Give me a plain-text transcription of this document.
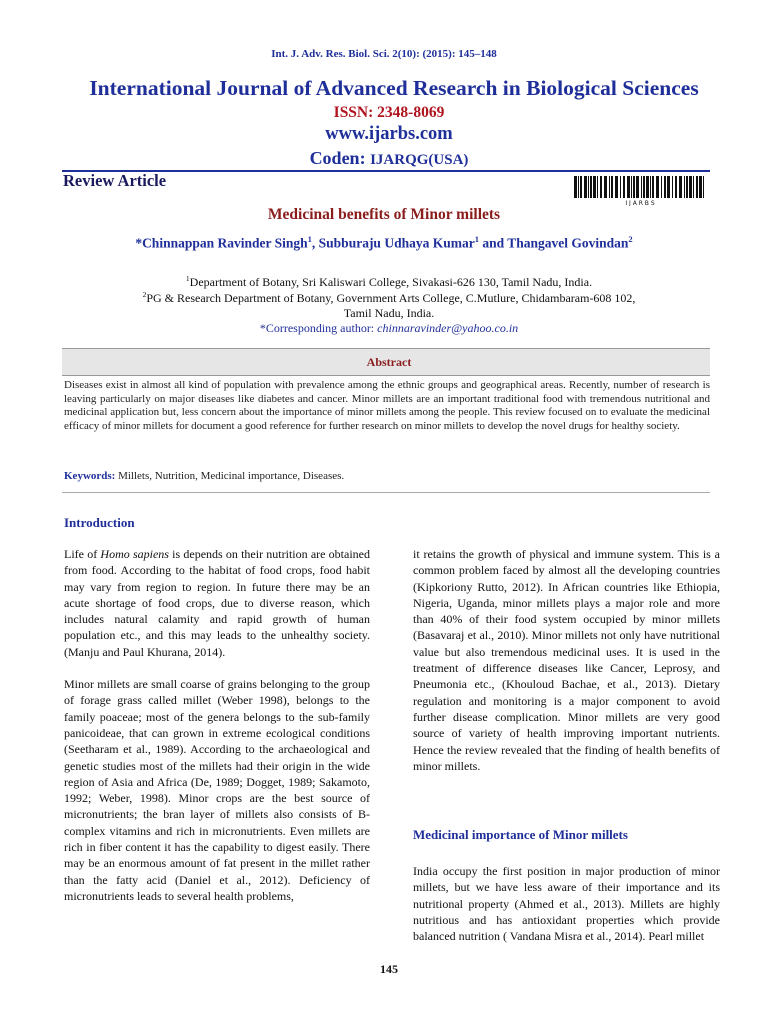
Int. J. Adv. Res. Biol. Sci. 2(10): (2015): 145–148
International Journal of Advanced Research in Biological Sciences
ISSN: 2348-8069
www.ijarbs.com
Coden: IJARQG(USA)
Review Article
I J A R B S
Medicinal benefits of Minor millets
*Chinnappan Ravinder Singh$^1$, Subburaju Udhaya Kumar$^1$ and Thangavel Govindan$^2$
$^1$Department of Botany, Sri Kaliswari College, Sivakasi-626 130, Tamil Nadu, India.
$^2$PG & Research Department of Botany, Government Arts College, C.Mutlure, Chidambaram-608 102,
Tamil Nadu, India.
*Corresponding author: chinnaravinder@yahoo.co.in
Abstract
Diseases exist in almost all kind of population with prevalence among the ethnic groups and geographical areas. Recently, number of research is leaving particularly on major diseases like diabetes and cancer. Minor millets are an important traditional food with tremendous nutritional and medicinal application but, less concern about the importance of minor millets among the people. This review focused on to evaluate the medicinal efficacy of minor millets for document a good reference for further research on minor millets to develop the novel drugs for healthy society.
Keywords: Millets, Nutrition, Medicinal importance, Diseases.
Introduction

Life of Homo sapiens is depends on their nutrition are obtained from food. According to the habitat of food crops, food habit may vary from region to region. In future there may be an acute shortage of food crops, due to diverse reason, which includes natural calamity and rapid growth of human population etc., and this may leads to the unhealthy society. (Manju and Paul Khurana, 2014).

Minor millets are small coarse of grains belonging to the group of forage grass called millet (Weber 1998), belongs to the family poaceae; most of the genera belongs to the sub-family panicoideae, that can grown in extreme ecological conditions (Seetharam et al., 1989). According to the archaeological and genetic studies most of the millets had their origin in the wide region of Asia and Africa (De, 1989; Dogget, 1989; Sakamoto, 1992; Weber, 1998). Minor crops are the best source of micronutrients; the bran layer of millets also consists of B-complex vitamins and rich in micronutrients. Even millets are rich in fiber content it has the capability to digest easily. There may be an enormous amount of fat present in the millet rather than the fatty acid (Daniel et al., 2012). Deficiency of micronutrients leads to several health problems,

it retains the growth of physical and immune system. This is a common problem faced by almost all the developing countries (Kipkoriony Rutto, 2012). In African countries like Ethiopia, Nigeria, Uganda, minor millets plays a major role and more than 40% of their food system occupied by minor millets (Basavaraj et al., 2010). Minor millets not only have nutritional value but also tremendous medicinal uses. It is used in the treatment of difference diseases like Cancer, Leprosy, and Pneumonia etc., (Khouloud Bachae, et al., 2013). Dietary regulation and monitoring is a major component to avoid further disease complication. Minor millets are very good source of variety of health improving important nutrients. Hence the review revealed that the finding of health benefits of minor millets.

Medicinal importance of Minor millets

India occupy the first position in major production of minor millets, but we have less aware of their importance and its nutritional property (Ahmed et al., 2013). Millets are highly nutritious and has antioxidant properties which provide balanced nutrition ( Vandana Misra et al., 2014). Pearl millet

145
